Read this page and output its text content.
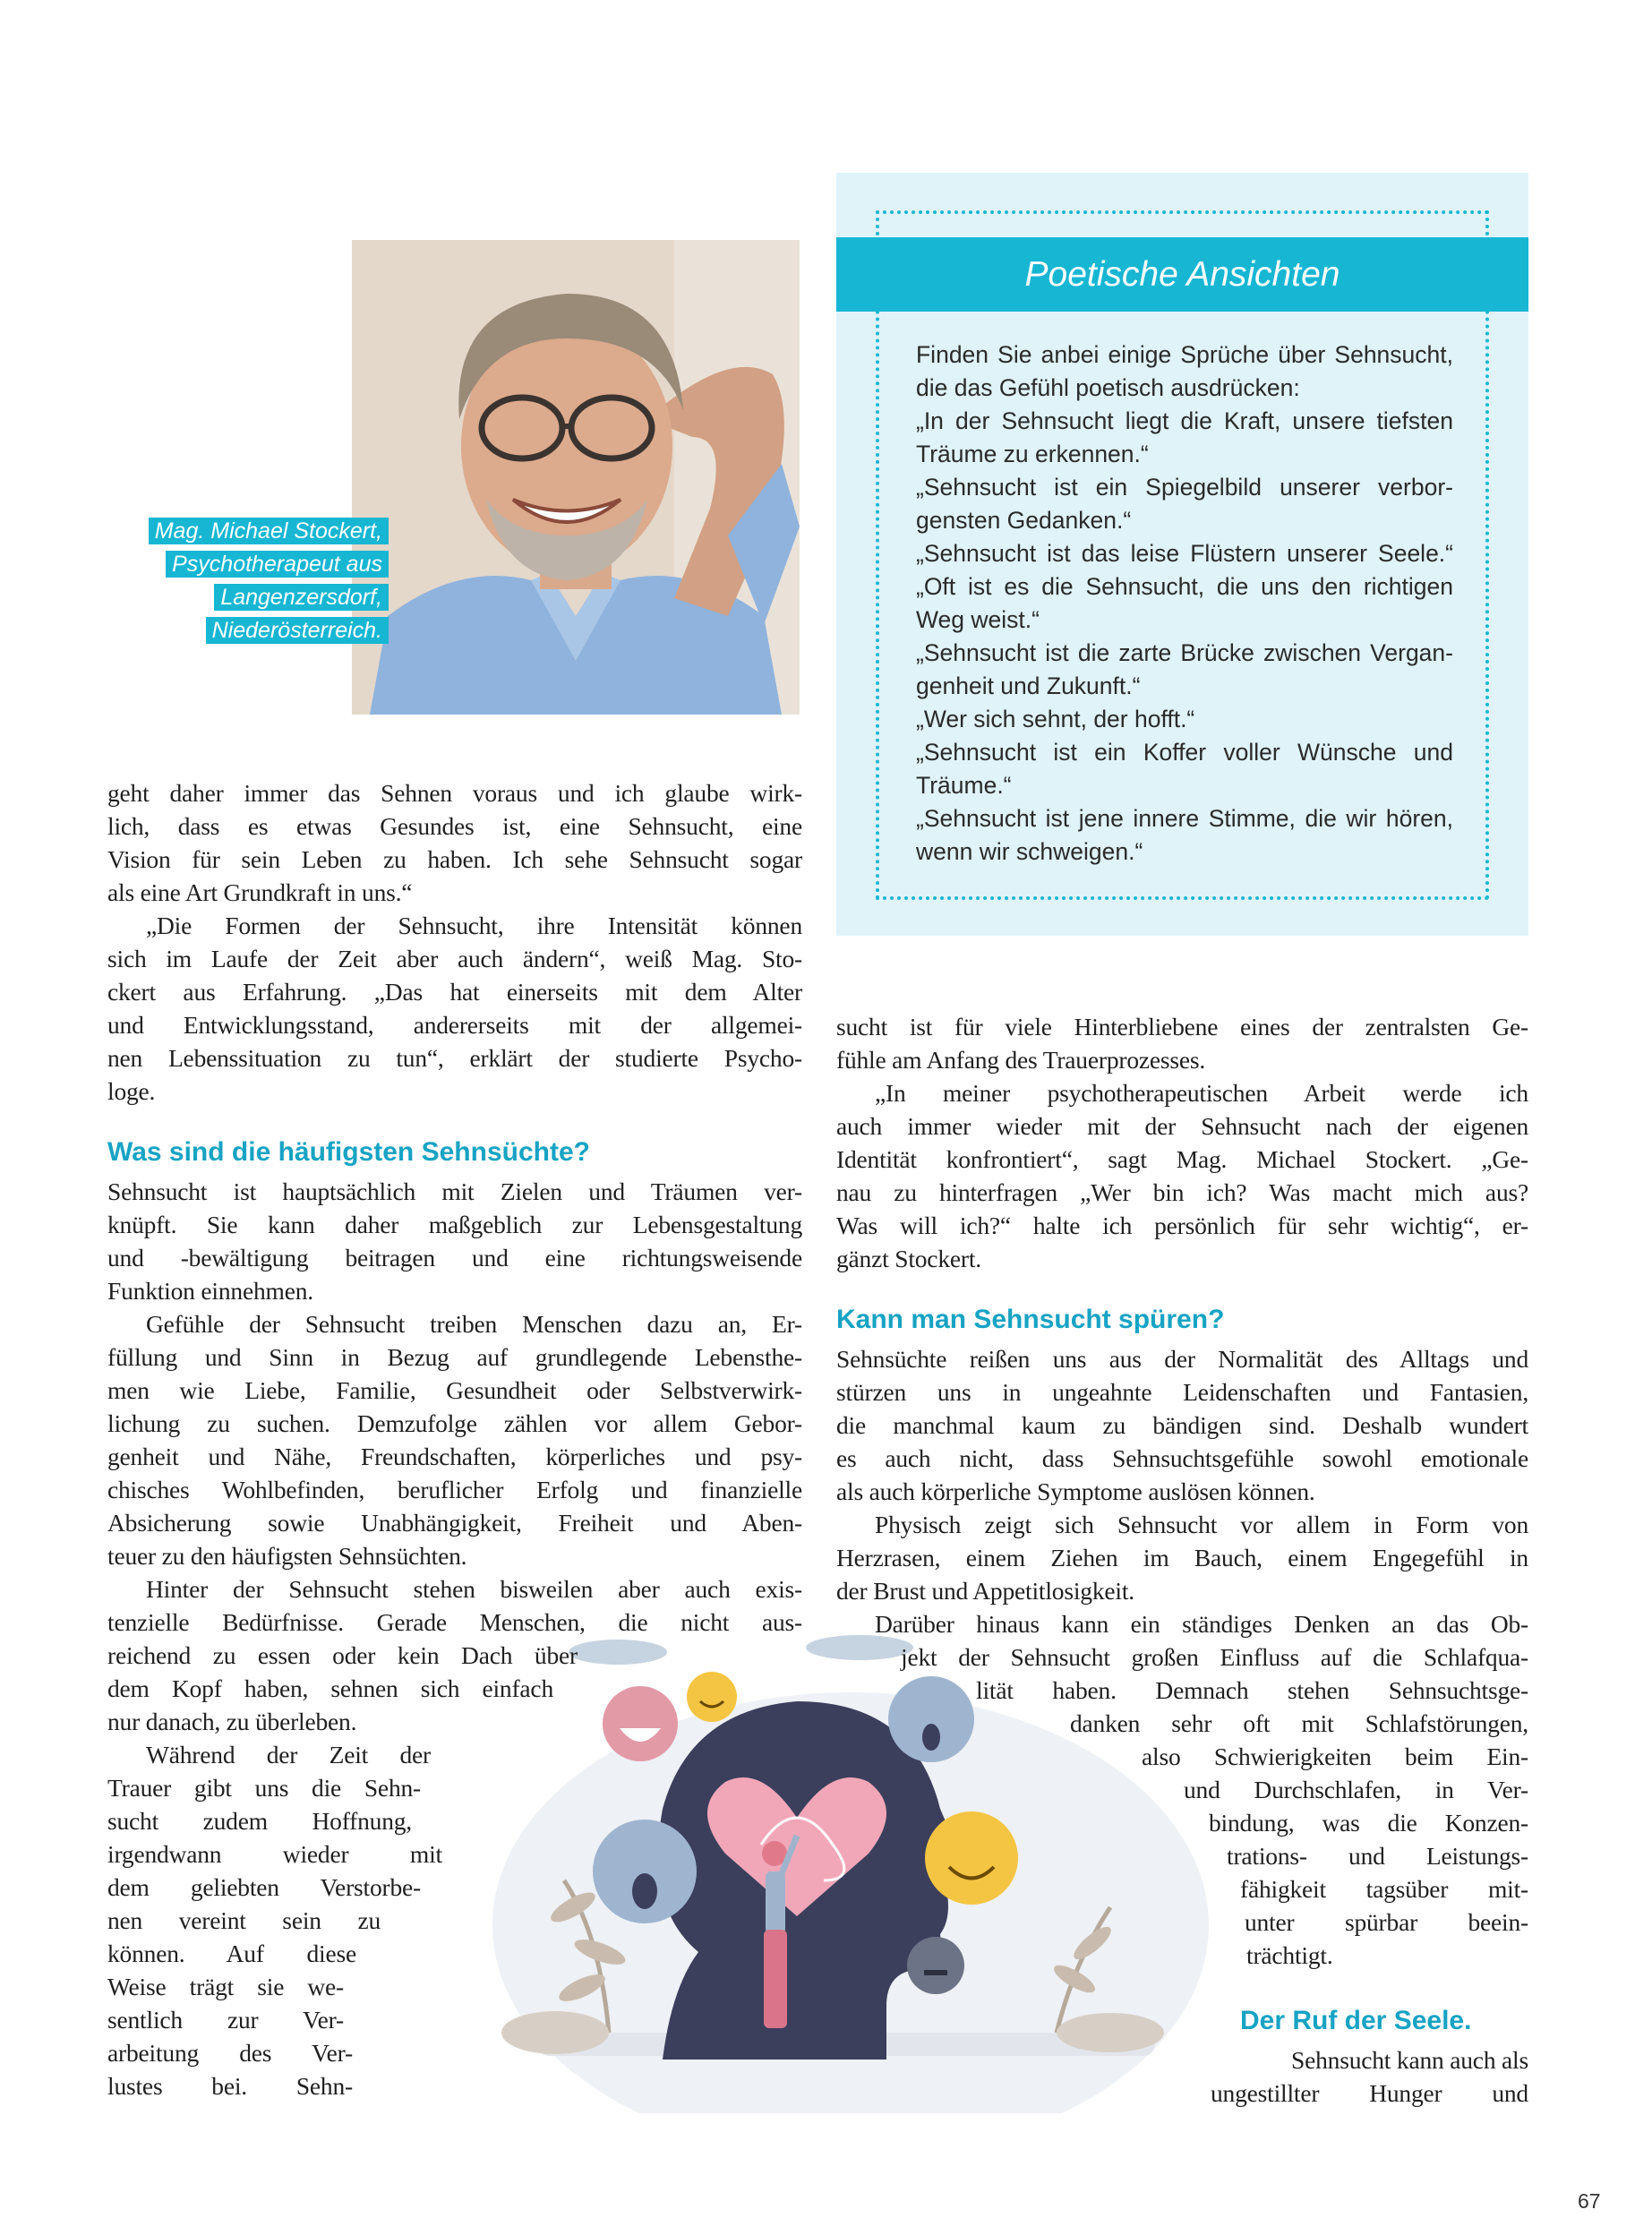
Mag. Michael Stockert,
Psychotherapeut aus
Langenzersdorf,
Niederösterreich.
Poetische Ansichten
Finden Sie anbei einige Sprüche über Sehnsucht,
die das Gefühl poetisch ausdrücken:
„In der Sehnsucht liegt die Kraft, unsere tiefsten
Träume zu erkennen.“
„Sehnsucht ist ein Spiegelbild unserer verbor-
gensten Gedanken.“
„Sehnsucht ist das leise Flüstern unserer Seele.“
„Oft ist es die Sehnsucht, die uns den richtigen
Weg weist.“
„Sehnsucht ist die zarte Brücke zwischen Vergan-
genheit und Zukunft.“
„Wer sich sehnt, der hofft.“
„Sehnsucht ist ein Koffer voller Wünsche und
Träume.“
„Sehnsucht ist jene innere Stimme, die wir hören,
wenn wir schweigen.“
geht daher immer das Sehnen voraus und ich glaube wirk-
lich, dass es etwas Gesundes ist, eine Sehnsucht, eine
Vision für sein Leben zu haben. Ich sehe Sehnsucht sogar
als eine Art Grundkraft in uns.“
„Die Formen der Sehnsucht, ihre Intensität können
sich im Laufe der Zeit aber auch ändern“, weiß Mag. Sto-
ckert aus Erfahrung. „Das hat einerseits mit dem Alter
und Entwicklungsstand, andererseits mit der allgemei-
nen Lebenssituation zu tun“, erklärt der studierte Psycho-
loge.
Was sind die häufigsten Sehnsüchte?
Sehnsucht ist hauptsächlich mit Zielen und Träumen ver-
knüpft. Sie kann daher maßgeblich zur Lebensgestaltung
und -bewältigung beitragen und eine richtungsweisende
Funktion einnehmen.
Gefühle der Sehnsucht treiben Menschen dazu an, Er-
füllung und Sinn in Bezug auf grundlegende Lebensthe-
men wie Liebe, Familie, Gesundheit oder Selbstverwirk-
lichung zu suchen. Demzufolge zählen vor allem Gebor-
genheit und Nähe, Freundschaften, körperliches und psy-
chisches Wohlbefinden, beruflicher Erfolg und finanzielle
Absicherung sowie Unabhängigkeit, Freiheit und Aben-
teuer zu den häufigsten Sehnsüchten.
Hinter der Sehnsucht stehen bisweilen aber auch exis-
tenzielle Bedürfnisse. Gerade Menschen, die nicht aus-
reichend zu essen oder kein Dach über
dem Kopf haben, sehnen sich einfach
nur danach, zu überleben.
Während der Zeit der
Trauer gibt uns die Sehn-
sucht zudem Hoffnung,
irgendwann wieder mit
dem geliebten Verstorbe-
nen vereint sein zu
können. Auf diese
Weise trägt sie we-
sentlich zur Ver-
arbeitung des Ver-
lustes bei. Sehn-
sucht ist für viele Hinterbliebene eines der zentralsten Ge-
fühle am Anfang des Trauerprozesses.
„In meiner psychotherapeutischen Arbeit werde ich
auch immer wieder mit der Sehnsucht nach der eigenen
Identität konfrontiert“, sagt Mag. Michael Stockert. „Ge-
nau zu hinterfragen „Wer bin ich? Was macht mich aus?
Was will ich?“ halte ich persönlich für sehr wichtig“, er-
gänzt Stockert.
Kann man Sehnsucht spüren?
Sehnsüchte reißen uns aus der Normalität des Alltags und
stürzen uns in ungeahnte Leidenschaften und Fantasien,
die manchmal kaum zu bändigen sind. Deshalb wundert
es auch nicht, dass Sehnsuchtsgefühle sowohl emotionale
als auch körperliche Symptome auslösen können.
Physisch zeigt sich Sehnsucht vor allem in Form von
Herzrasen, einem Ziehen im Bauch, einem Engegefühl in
der Brust und Appetitlosigkeit.
Darüber hinaus kann ein ständiges Denken an das Ob-
jekt der Sehnsucht großen Einfluss auf die Schlafqua-
lität haben. Demnach stehen Sehnsuchtsge-
danken sehr oft mit Schlafstörungen,
also Schwierigkeiten beim Ein-
und Durchschlafen, in Ver-
bindung, was die Konzen-
trations- und Leistungs-
fähigkeit tagsüber mit-
unter spürbar beein-
trächtigt.
Der Ruf der Seele.
Sehnsucht kann auch als
ungestillter Hunger und
67
